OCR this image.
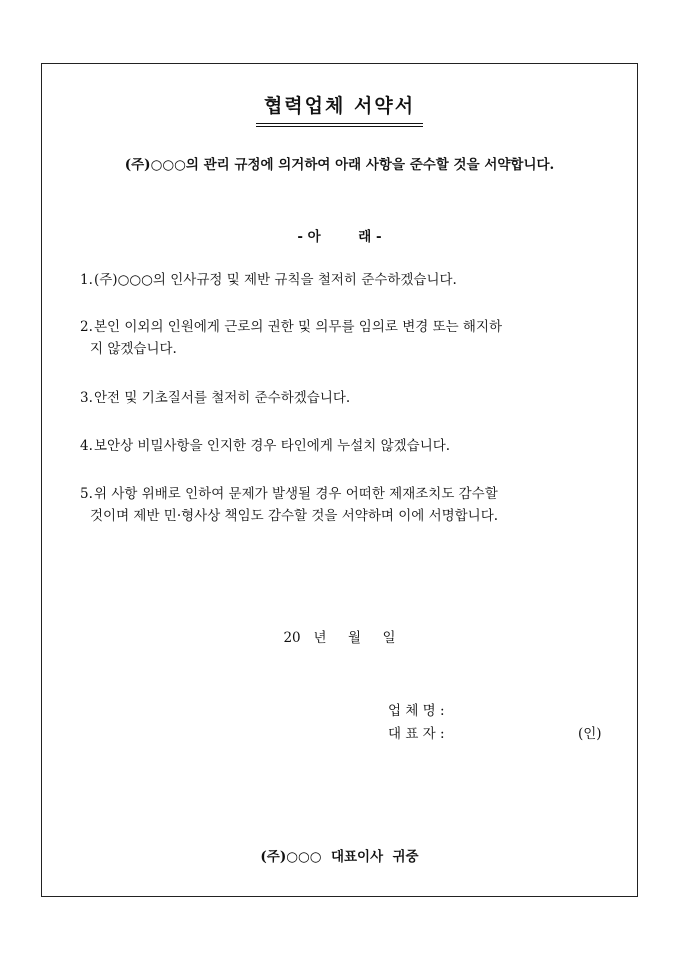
협력업체 서약서
(주)○○○의 관리 규정에 의거하여 아래 사항을 준수할 것을 서약합니다.
- 아        래 -
1.(주)○○○의 인사규정 및 제반 규칙을 철저히 준수하겠습니다.
2.본인 이외의 인원에게 근로의 권한 및 의무를 임의로 변경 또는 해지하
지 않겠습니다.
3.안전 및 기초질서를 철저히 준수하겠습니다.
4.보안상 비밀사항을 인지한 경우 타인에게 누설치 않겠습니다.
5.위 사항 위배로 인하여 문제가 발생될 경우 어떠한 제재조치도 감수할
것이며 제반 민·형사상 책임도 감수할 것을 서약하며 이에 서명합니다.
20   년     월     일
업 체 명 :
대 표 자 :	(인)
(주)○○○  대표이사  귀중
